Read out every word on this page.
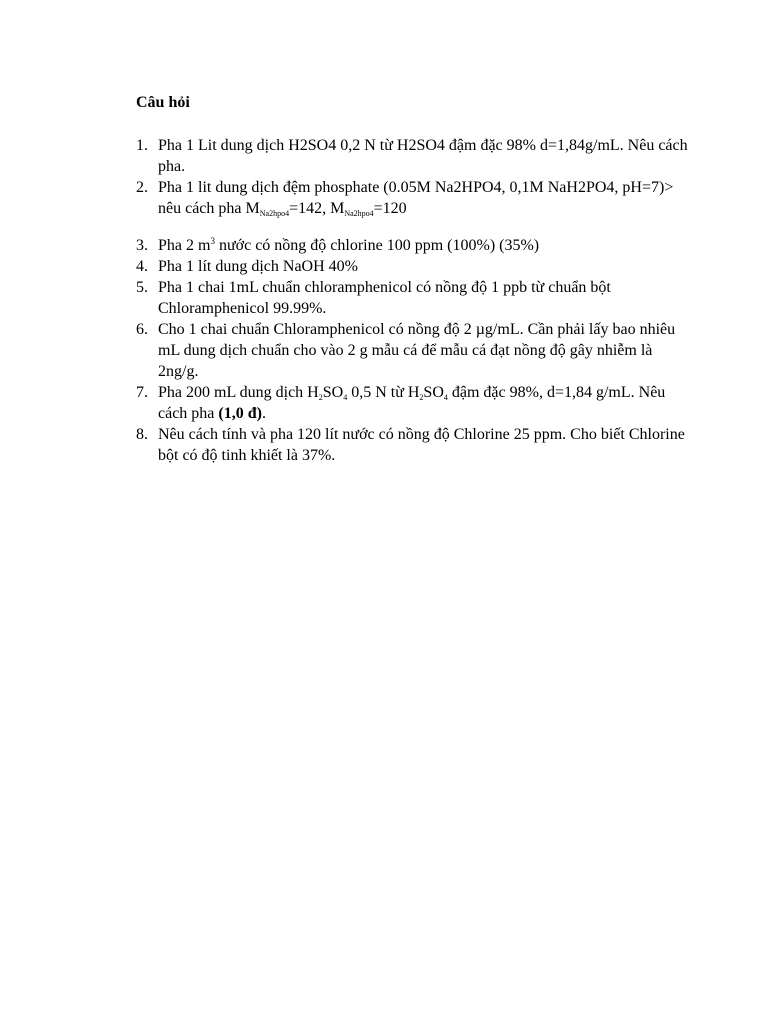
Câu hỏi
1. Pha 1 Lit dung dịch H2SO4 0,2 N từ H2SO4 đậm đặc 98% d=1,84g/mL. Nêu cách pha.
2. Pha 1 lit dung dịch đệm phosphate (0.05M Na2HPO4, 0,1M NaH2PO4, pH=7)> nêu cách pha $M_{Na2hpo4}=142$, $M_{Na2hpo4}=120$
3. Pha 2 $m^3$ nước có nồng độ chlorine 100 ppm (100%) (35%)
4. Pha 1 lít dung dịch NaOH 40%
5. Pha 1 chai 1mL chuẩn chloramphenicol có nồng độ 1 ppb từ chuẩn bột Chloramphenicol 99.99%.
6. Cho 1 chai chuẩn Chloramphenicol có nồng độ 2 µg/mL. Cần phải lấy bao nhiêu mL dung dịch chuẩn cho vào 2 g mẫu cá để mẫu cá đạt nồng độ gây nhiễm là 2ng/g.
7. Pha 200 mL dung dịch $H_2SO_4$ 0,5 N từ $H_2SO_4$ đậm đặc 98%, d=1,84 g/mL. Nêu cách pha (1,0 đ).
8. Nêu cách tính và pha 120 lít nước có nồng độ Chlorine 25 ppm. Cho biết Chlorine bột có độ tinh khiết là 37%.
